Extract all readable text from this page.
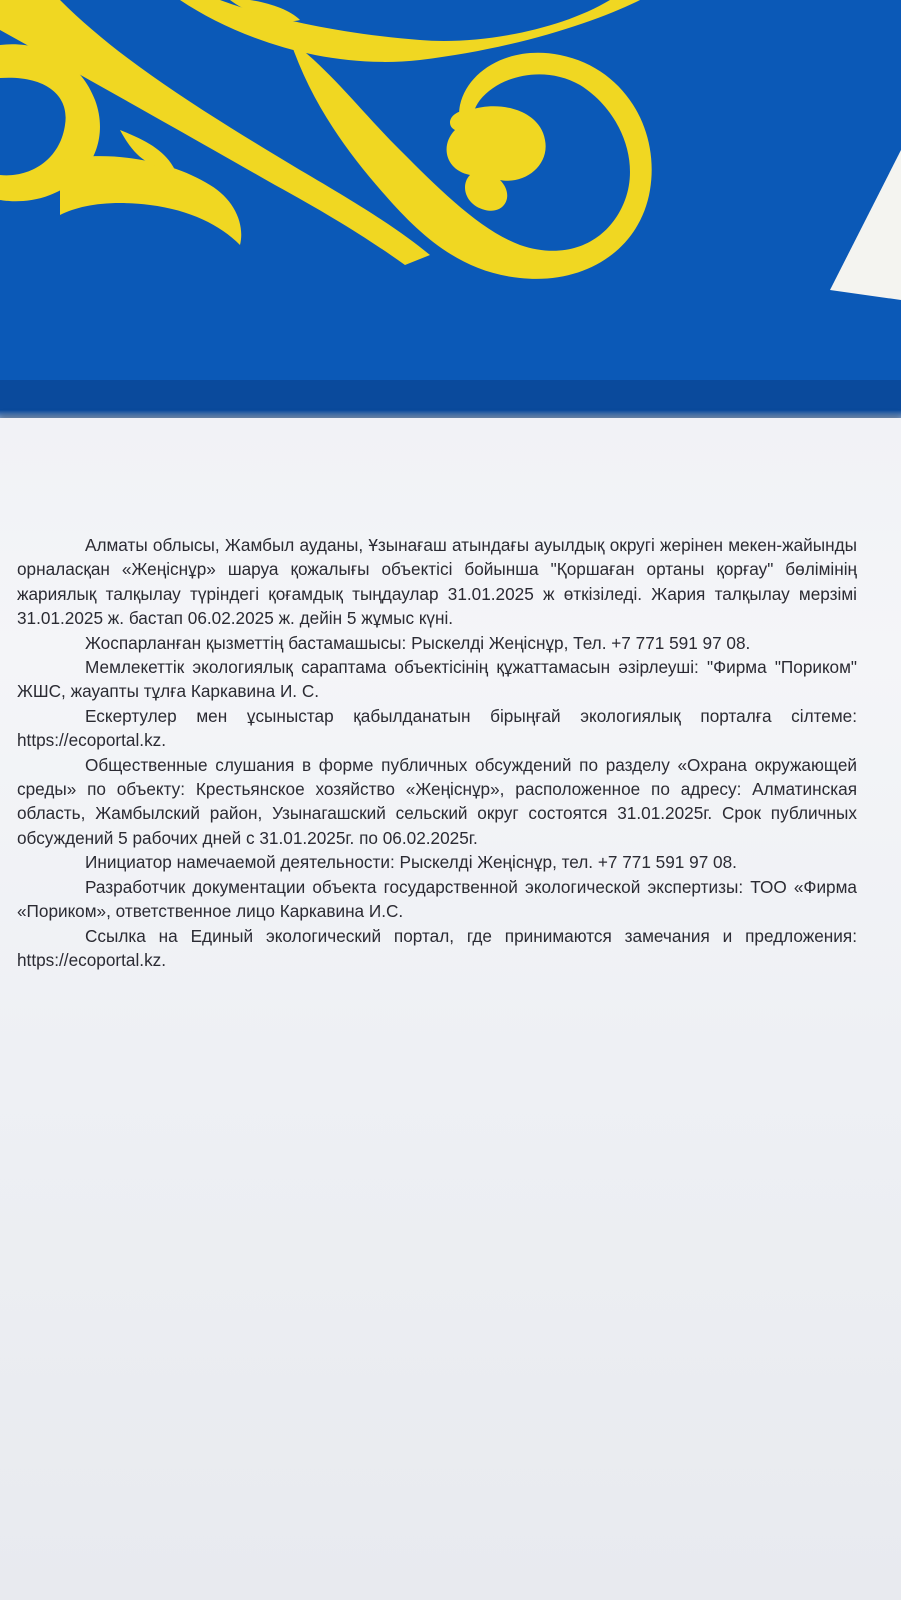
Алматы облысы, Жамбыл ауданы, Ұзынағаш атындағы ауылдық округі жерінен мекен-жайынды орналасқан «Жеңіснұр» шаруа қожалығы объектісі бойынша "Қоршаған ортаны қорғау" бөлімінің жариялық талқылау түріндегі қоғамдық тыңдаулар 31.01.2025 ж өткізіледі. Жария талқылау мерзімі 31.01.2025 ж. бастап 06.02.2025 ж. дейін 5 жұмыс күні.

Жоспарланған қызметтің бастамашысы: Рыскелді Жеңіснұр, Тел. +7 771 591 97 08.

Мемлекеттік экологиялық сараптама объектісінің құжаттамасын әзірлеуші: "Фирма "Порикoм" ЖШС, жауапты тұлға Каркавина И. С.

Ескертулер мен ұсыныстар қабылданатын бірыңғай экологиялық порталға сілтеме: https://ecoportal.kz.

Общественные слушания в форме публичных обсуждений по разделу «Охрана окружающей среды» по объекту: Крестьянское хозяйство «Жеңіснұр», расположенное по адресу: Алматинская область, Жамбылский район, Узынагашский сельский округ состоятся 31.01.2025г. Срок публичных обсуждений 5 рабочих дней с 31.01.2025г. по 06.02.2025г.

Инициатор намечаемой деятельности: Рыскелді Жеңіснұр, тел. +7 771 591 97 08.

Разработчик документации объекта государственной экологической экспертизы: ТОО «Фирма «Порикoм», ответственное лицо Каркавина И.С.

Ссылка на Единый экологический портал, где принимаются замечания и предложения: https://ecoportal.kz.
